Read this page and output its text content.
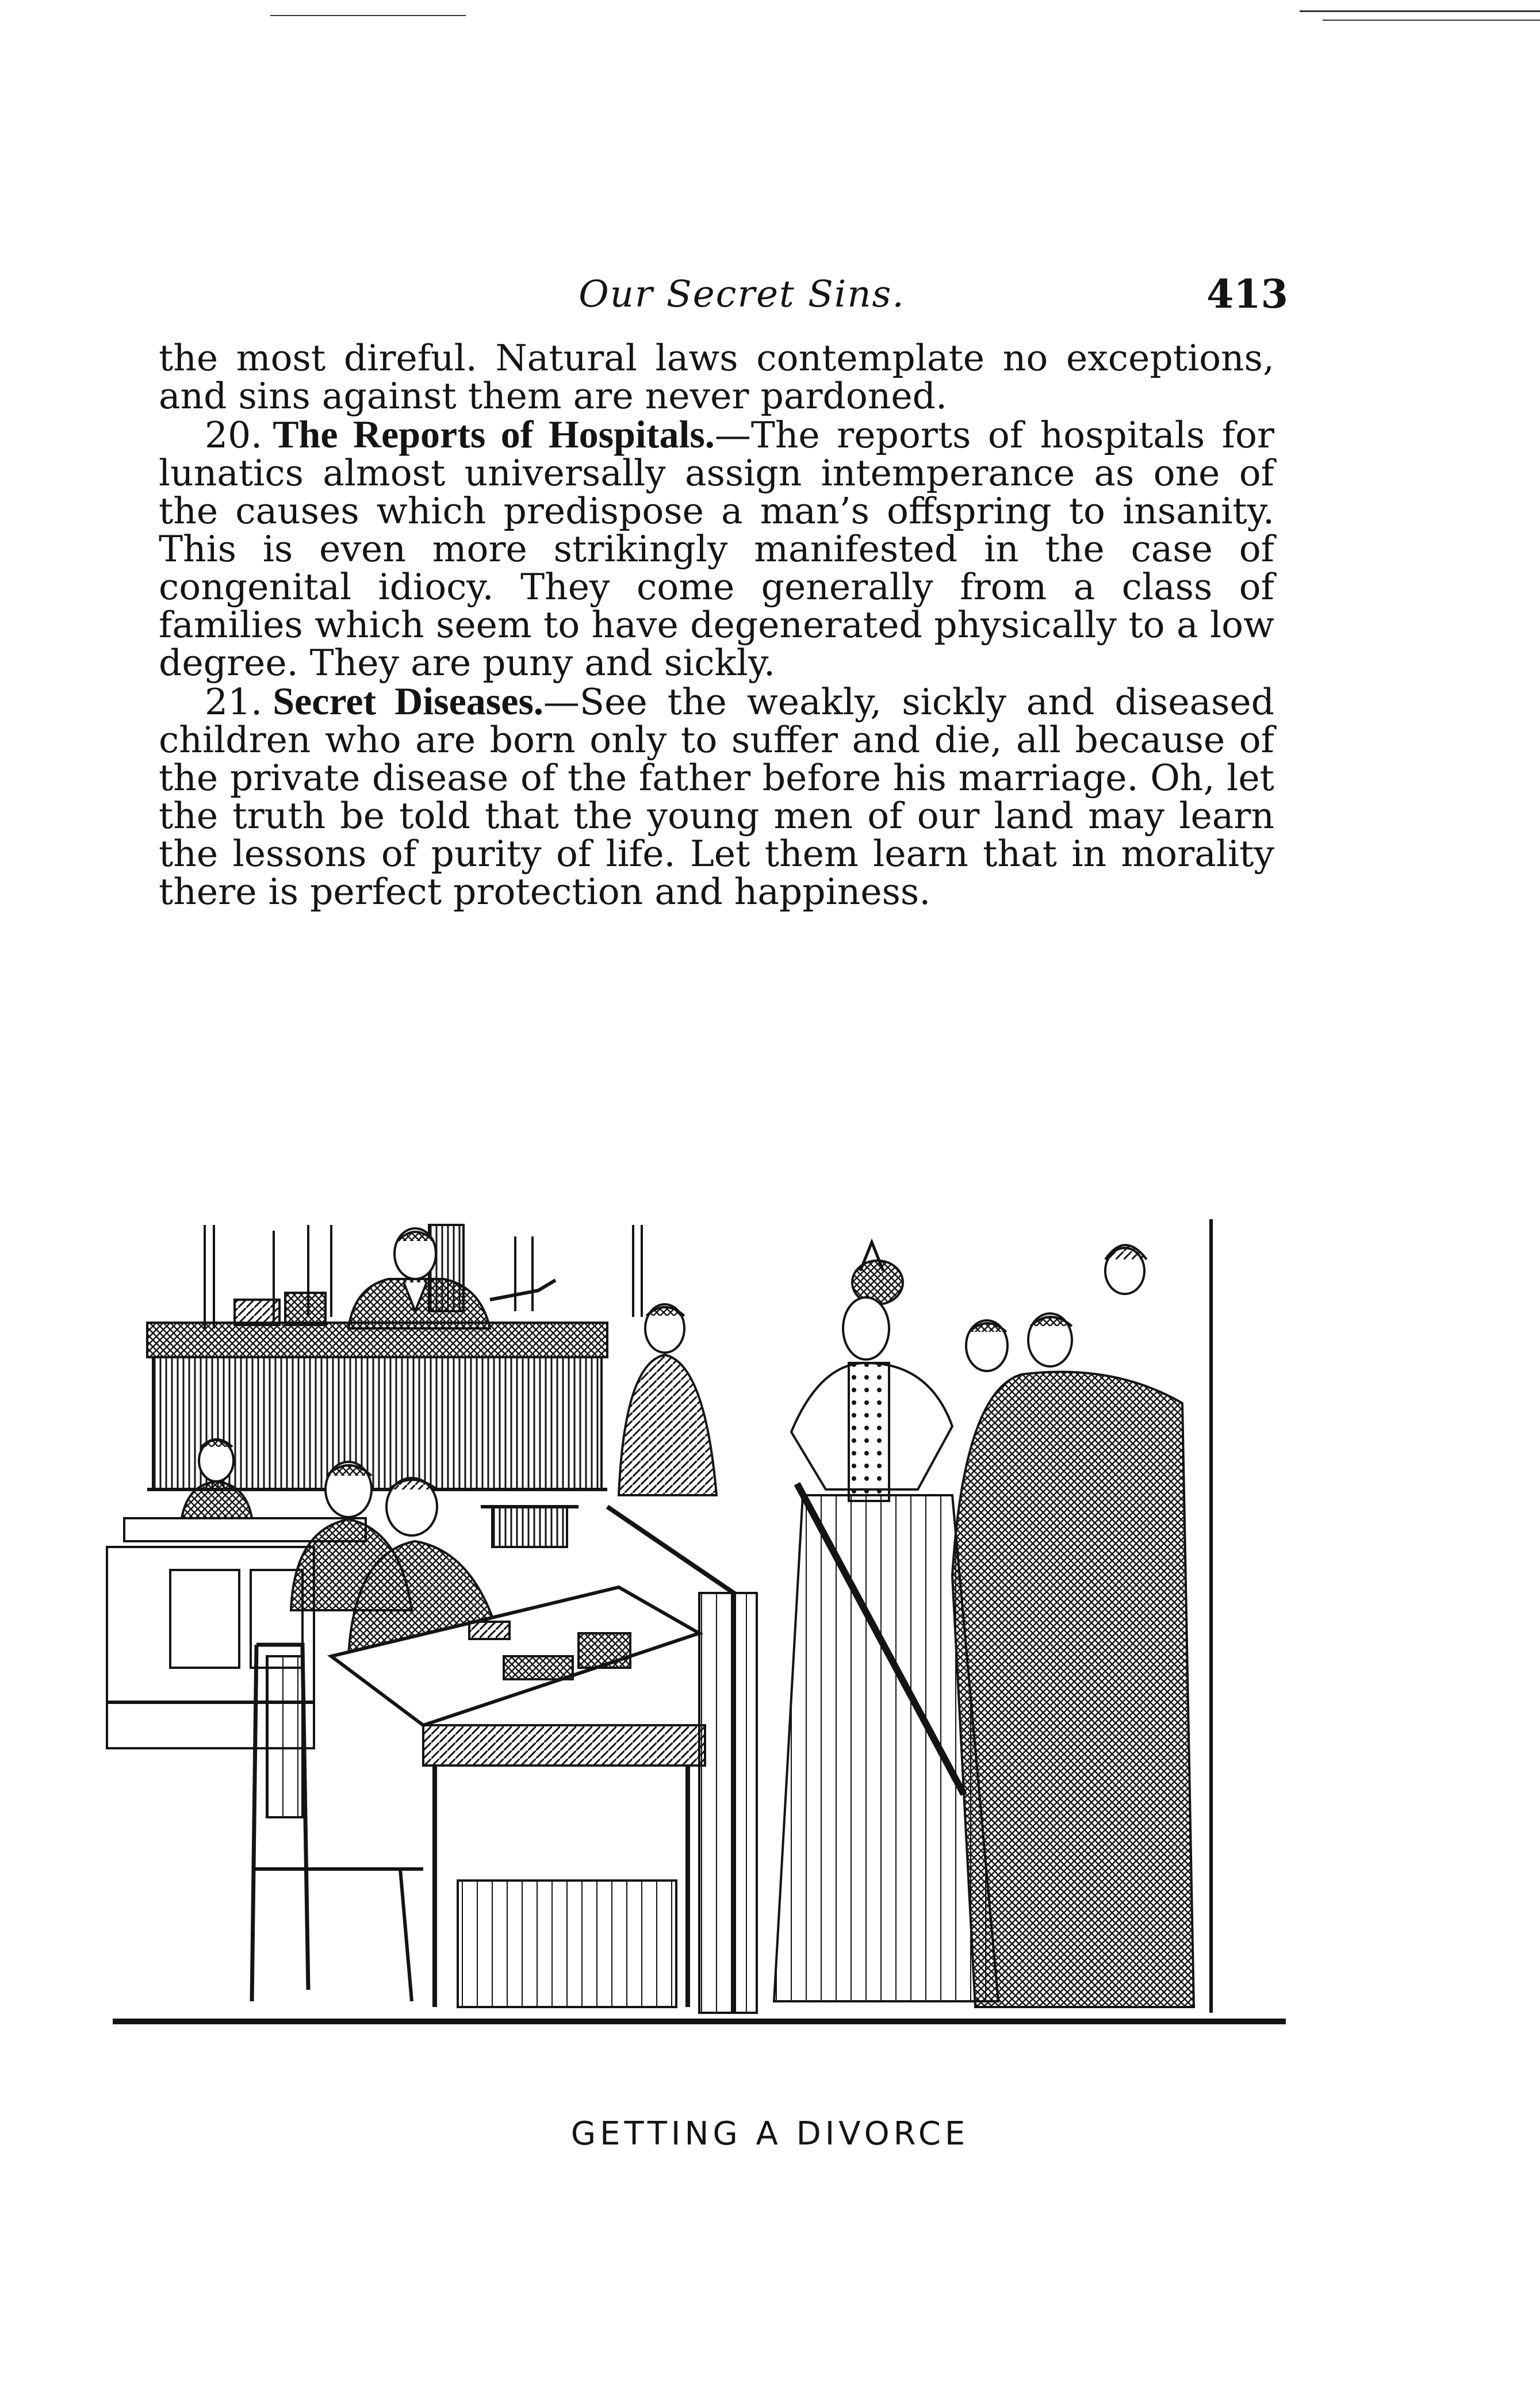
Our Secret Sins.	413

the most direful. Natural laws contemplate no exceptions, and sins against them are never pardoned.

20. The Reports of Hospitals.—The reports of hospitals for lunatics almost universally assign intemperance as one of the causes which predispose a man’s offspring to insanity. This is even more strikingly manifested in the case of congenital idiocy. They come generally from a class of families which seem to have degenerated physically to a low degree. They are puny and sickly.

21. Secret Diseases.—See the weakly, sickly and diseased children who are born only to suffer and die, all because of the private disease of the father before his marriage. Oh, let the truth be told that the young men of our land may learn the lessons of purity of life. Let them learn that in morality there is perfect protection and happiness.

GETTING A DIVORCE
